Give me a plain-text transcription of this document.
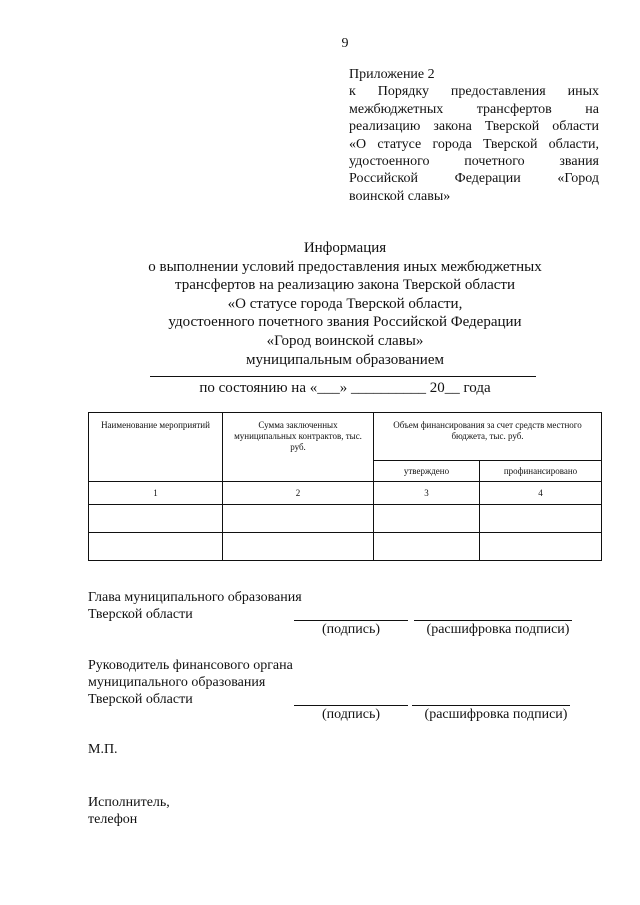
9
Приложение 2
к Порядку предоставления иных
межбюджетных трансфертов на
реализацию закона Тверской области
«О статусе города Тверской области,
удостоенного почетного звания
Российской Федерации «Город
воинской славы»
Информация
о выполнении условий предоставления иных межбюджетных
трансфертов на реализацию закона Тверской области
«О статусе города Тверской области,
удостоенного почетного звания Российской Федерации
«Город воинской славы»
муниципальным образованием
по состоянию на «___» __________ 20__ года
Наименование мероприятий	Сумма заключенных муниципальных контрактов, тыс. руб.	Объем финансирования за счет средств местного бюджета, тыс. руб.	
		утверждено	профинансировано
1	2	3	4

Глава муниципального образования
Тверской области
(подпись)	(расшифровка подписи)
Руководитель финансового органа
муниципального образования
Тверской области
(подпись)	(расшифровка подписи)
М.П.
Исполнитель,
телефон
